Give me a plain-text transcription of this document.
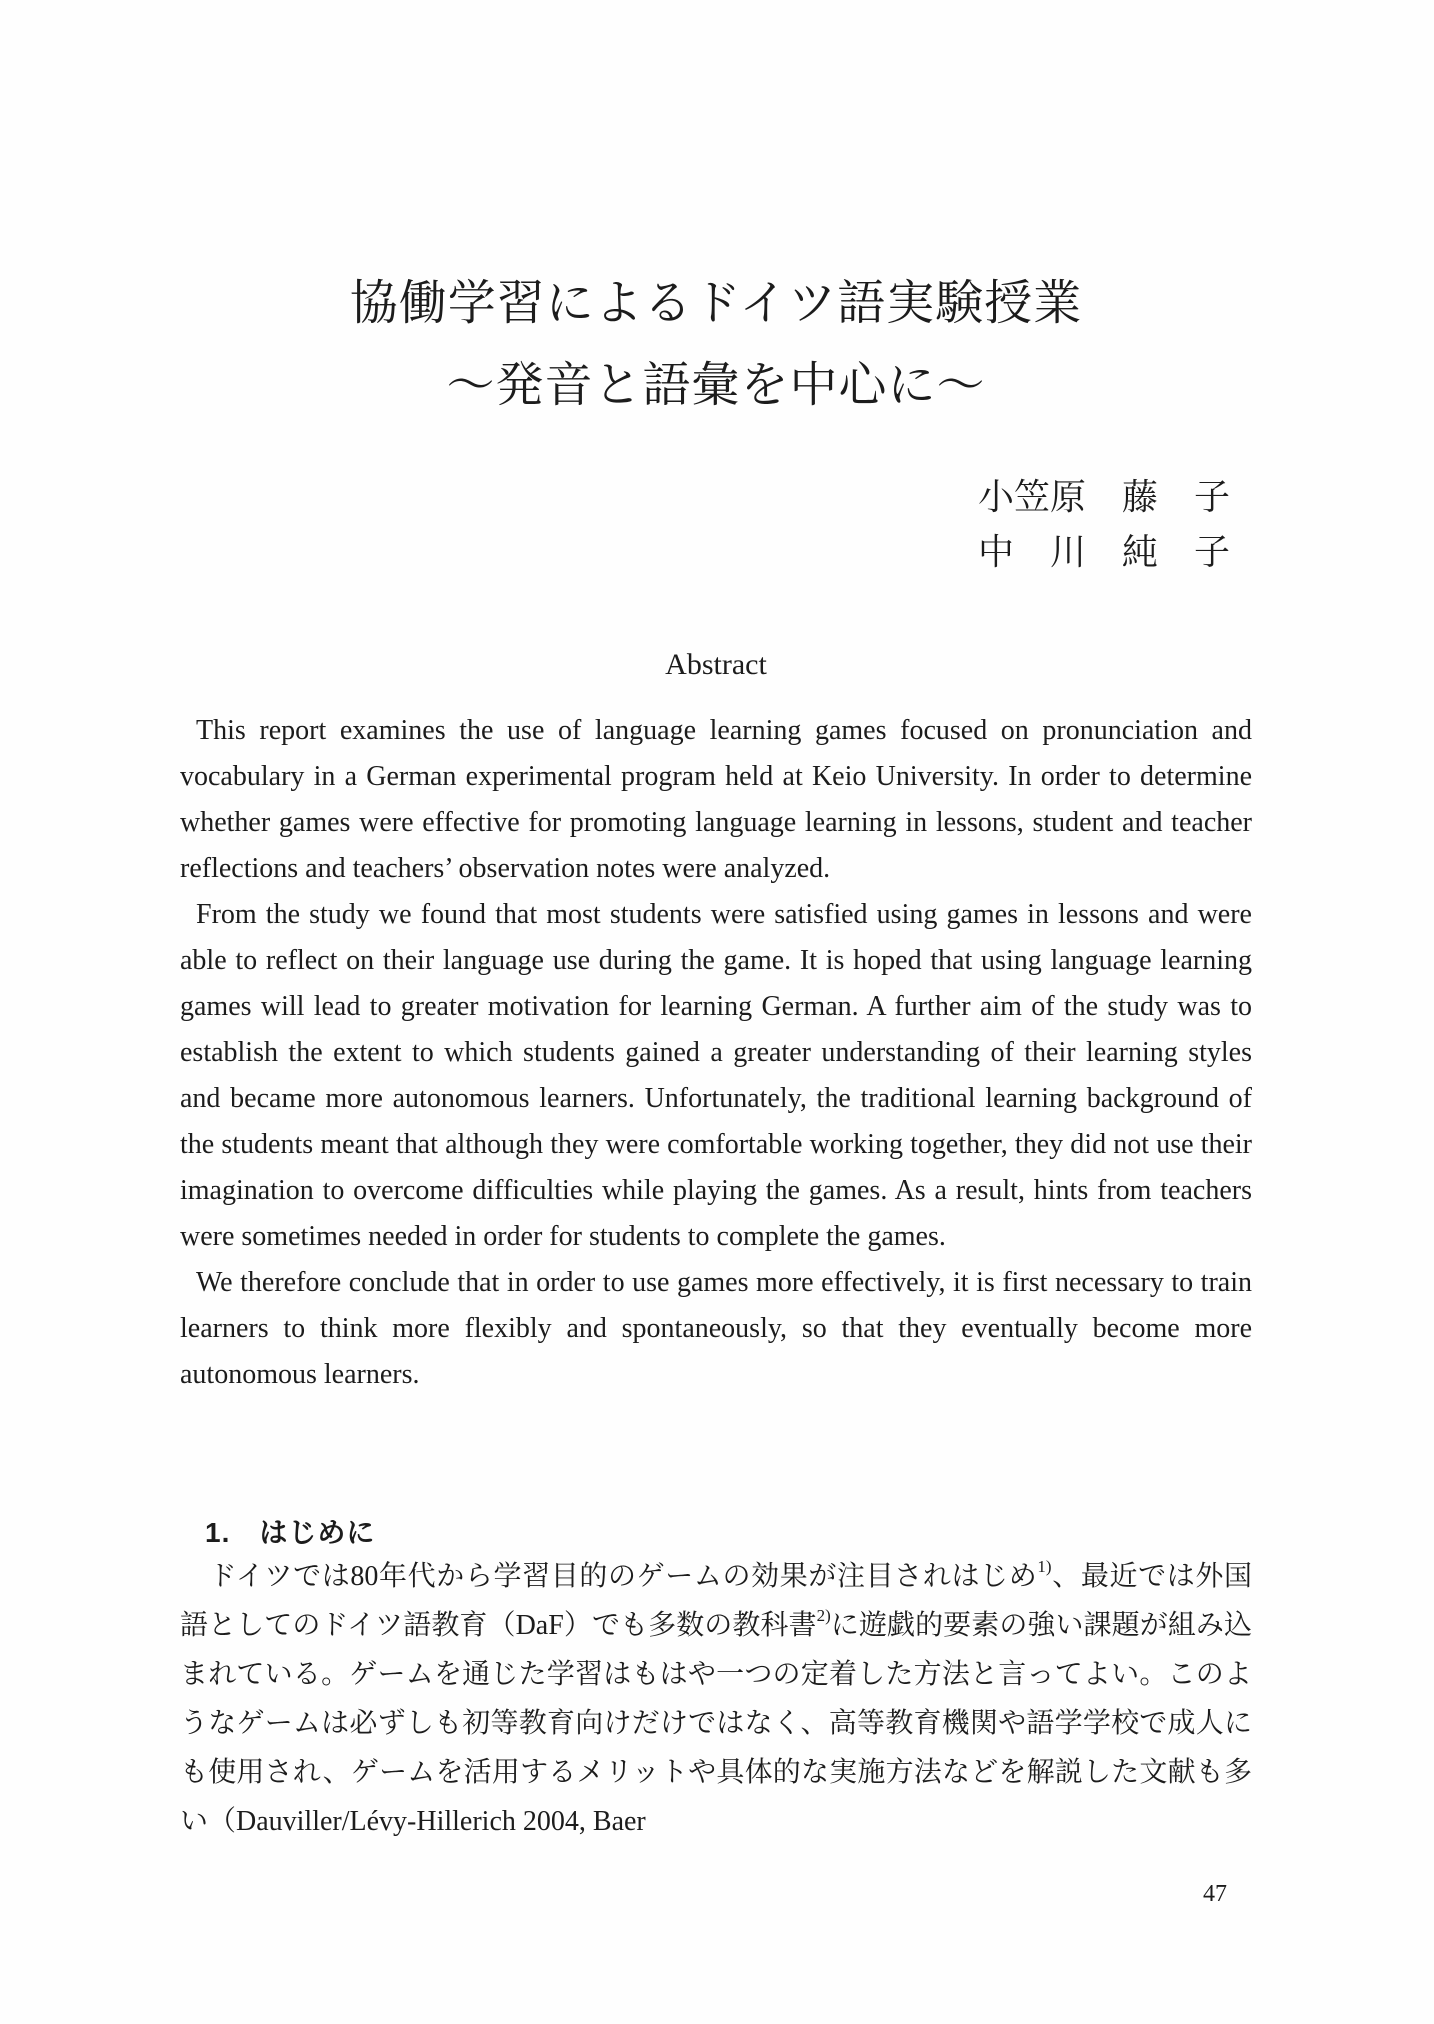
協働学習によるドイツ語実験授業
～発音と語彙を中心に～
小笠原　藤　子
中　川　純　子
Abstract

This report examines the use of language learning games focused on pronunciation and vocabulary in a German experimental program held at Keio University. In order to determine whether games were effective for promoting language learning in lessons, student and teacher reflections and teachers’ observation notes were analyzed.

From the study we found that most students were satisfied using games in lessons and were able to reflect on their language use during the game. It is hoped that using language learning games will lead to greater motivation for learning German. A further aim of the study was to establish the extent to which students gained a greater understanding of their learning styles and became more autonomous learners. Unfortunately, the traditional learning background of the students meant that although they were comfortable working together, they did not use their imagination to overcome difficulties while playing the games. As a result, hints from teachers were sometimes needed in order for students to complete the games.

We therefore conclude that in order to use games more effectively, it is first necessary to train learners to think more flexibly and spontaneously, so that they eventually become more autonomous learners.

1.　はじめに

　ドイツでは80年代から学習目的のゲームの効果が注目されはじめ$^{1)}$、最近では外国語としてのドイツ語教育（DaF）でも多数の教科書$^{2)}$に遊戯的要素の強い課題が組み込まれている。ゲームを通じた学習はもはや一つの定着した方法と言ってよい。このようなゲームは必ずしも初等教育向けだけではなく、高等教育機関や語学学校で成人にも使用され、ゲームを活用するメリットや具体的な実施方法などを解説した文献も多い（Dauviller/Lévy-Hillerich 2004, Baer

47
